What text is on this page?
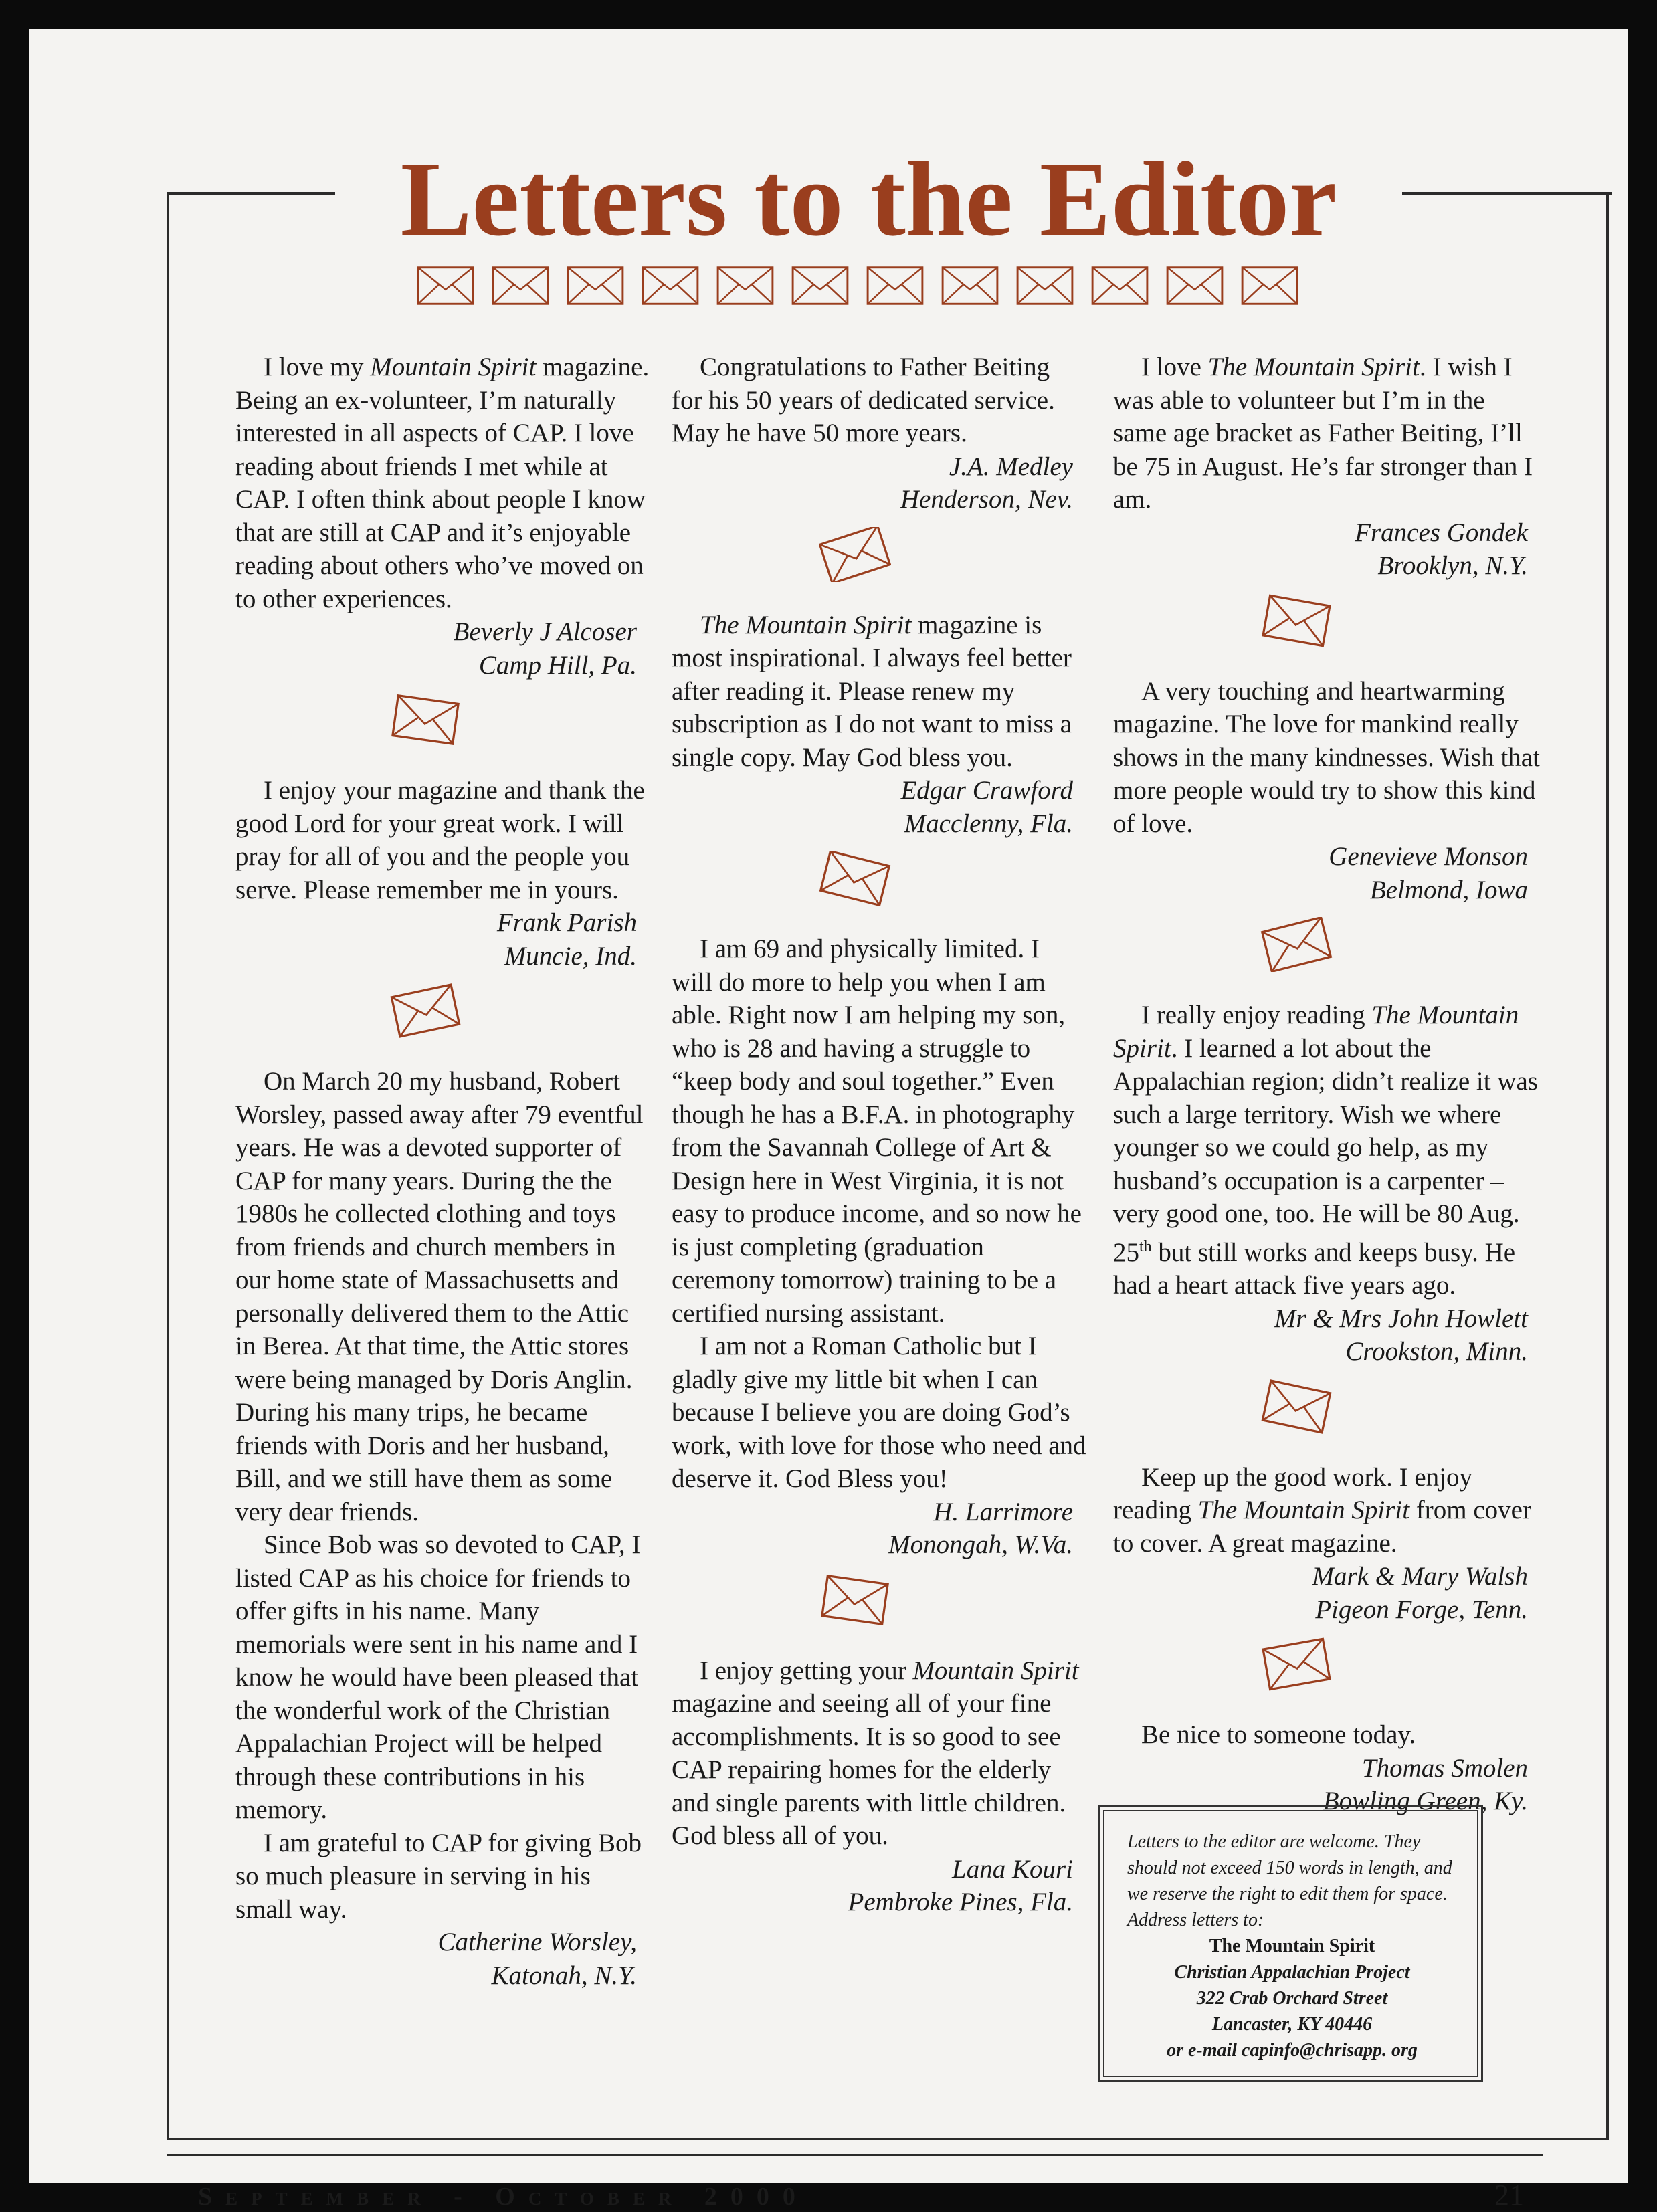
Letters to the Editor

I love my Mountain Spirit magazine. Being an ex-volunteer, I’m naturally interested in all aspects of CAP. I love reading about friends I met while at CAP. I often think about people I know that are still at CAP and it’s enjoyable reading about others who’ve moved on to other experiences.

Beverly J Alcoser
Camp Hill, Pa.

I enjoy your magazine and thank the good Lord for your great work. I will pray for all of you and the people you serve. Please remember me in yours.

Frank Parish
Muncie, Ind.

On March 20 my husband, Robert Worsley, passed away after 79 eventful years. He was a devoted supporter of CAP for many years. During the the 1980s he collected clothing and toys from friends and church members in our home state of Massachusetts and personally delivered them to the Attic in Berea. At that time, the Attic stores were being managed by Doris Anglin. During his many trips, he became friends with Doris and her husband, Bill, and we still have them as some very dear friends.

Since Bob was so devoted to CAP, I listed CAP as his choice for friends to offer gifts in his name. Many memorials were sent in his name and I know he would have been pleased that the wonderful work of the Christian Appalachian Project will be helped through these contributions in his memory.

I am grateful to CAP for giving Bob so much pleasure in serving in his small way.

Catherine Worsley,
Katonah, N.Y.

Congratulations to Father Beiting for his 50 years of dedicated service. May he have 50 more years.

J.A. Medley
Henderson, Nev.

The Mountain Spirit magazine is most inspirational. I always feel better after reading it. Please renew my subscription as I do not want to miss a single copy. May God bless you.

Edgar Crawford
Macclenny, Fla.

I am 69 and physically limited. I will do more to help you when I am able. Right now I am helping my son, who is 28 and having a struggle to “keep body and soul together.” Even though he has a B.F.A. in photography from the Savannah College of Art & Design here in West Virginia, it is not easy to produce income, and so now he is just completing (graduation ceremony tomorrow) training to be a certified nursing assistant.

I am not a Roman Catholic but I gladly give my little bit when I can because I believe you are doing God’s work, with love for those who need and deserve it. God Bless you!

H. Larrimore
Monongah, W.Va.

I enjoy getting your Mountain Spirit magazine and seeing all of your fine accomplishments. It is so good to see CAP repairing homes for the elderly and single parents with little children. God bless all of you.

Lana Kouri
Pembroke Pines, Fla.

I love The Mountain Spirit. I wish I was able to volunteer but I’m in the same age bracket as Father Beiting, I’ll be 75 in August. He’s far stronger than I am.

Frances Gondek
Brooklyn, N.Y.

A very touching and heartwarming magazine. The love for mankind really shows in the many kindnesses. Wish that more people would try to show this kind of love.

Genevieve Monson
Belmond, Iowa

I really enjoy reading The Mountain Spirit. I learned a lot about the Appalachian region; didn’t realize it was such a large territory. Wish we where younger so we could go help, as my husband’s occupation is a carpenter – very good one, too. He will be 80 Aug. 25th but still works and keeps busy. He had a heart attack five years ago.

Mr & Mrs John Howlett
Crookston, Minn.

Keep up the good work. I enjoy reading The Mountain Spirit from cover to cover. A great magazine.

Mark & Mary Walsh
Pigeon Forge, Tenn.

Be nice to someone today.

Thomas Smolen
Bowling Green, Ky.
Letters to the editor are welcome. They should not exceed 150 words in length, and we reserve the right to edit them for space. Address letters to:
The Mountain Spirit
Christian Appalachian Project
322 Crab Orchard Street
Lancaster, KY 40446
or e-mail capinfo@chrisapp. org
September - October 2000	21
